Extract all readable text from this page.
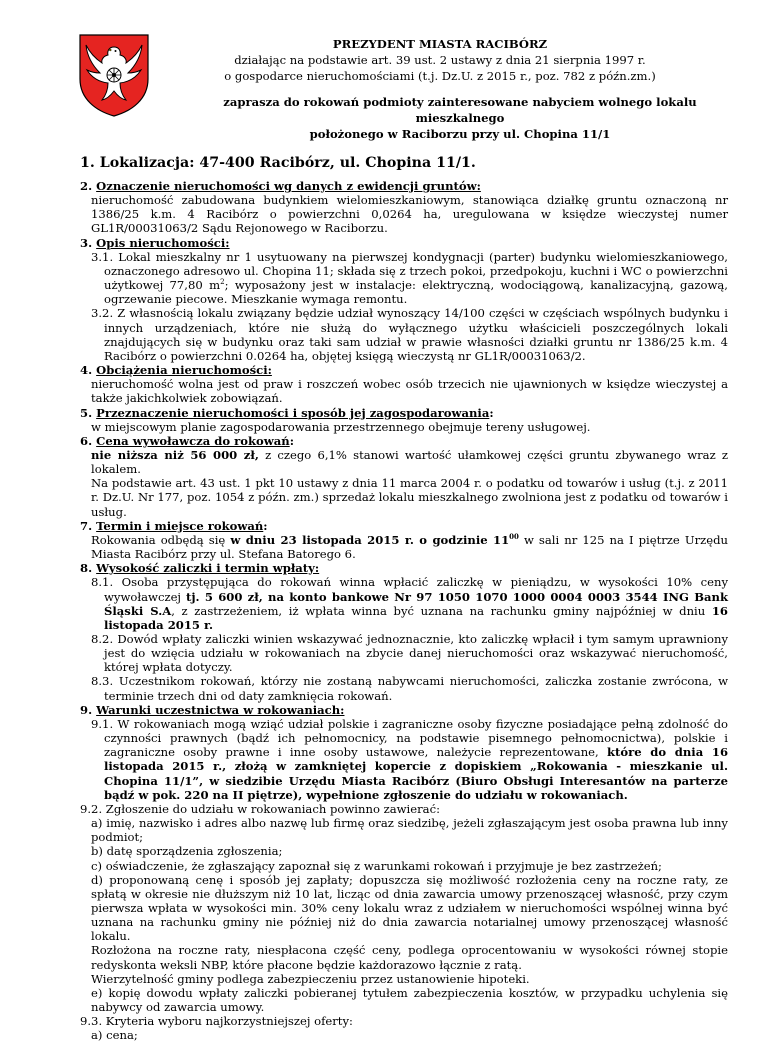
PREZYDENT MIASTA RACIBÓRZ
działając na podstawie art. 39 ust. 2 ustawy z dnia 21 sierpnia 1997 r.
o gospodarce nieruchomościami (t.j. Dz.U. z 2015 r., poz. 782 z późn.zm.)
zaprasza do rokowań podmioty zainteresowane nabyciem wolnego lokalu mieszkalnego
położonego w Raciborzu przy ul. Chopina 11/1
1. Lokalizacja: 47-400 Racibórz, ul. Chopina 11/1.

2. Oznaczenie nieruchomości wg danych z ewidencji gruntów:

nieruchomość zabudowana budynkiem wielomieszkaniowym, stanowiąca działkę gruntu oznaczoną nr 1386/25 k.m. 4 Racibórz o powierzchni 0,0264 ha, uregulowana w księdze wieczystej numer GL1R/00031063/2 Sądu Rejonowego w Raciborzu.

3. Opis nieruchomości:

3.1. Lokal mieszkalny nr 1 usytuowany na pierwszej kondygnacji (parter) budynku wielomieszkaniowego, oznaczonego adresowo ul. Chopina 11; składa się z trzech pokoi, przedpokoju, kuchni i WC o powierzchni użytkowej 77,80 $m^2$; wyposażony jest w instalacje: elektryczną, wodociągową, kanalizacyjną, gazową, ogrzewanie piecowe. Mieszkanie wymaga remontu.

3.2. Z własnością lokalu związany będzie udział wynoszący 14/100 części w częściach wspólnych budynku i innych urządzeniach, które nie służą do wyłącznego użytku właścicieli poszczególnych lokali znajdujących się w budynku oraz taki sam udział w prawie własności działki gruntu nr 1386/25 k.m. 4 Racibórz o powierzchni 0.0264 ha, objętej księgą wieczystą nr GL1R/00031063/2.

4. Obciążenia nieruchomości:

nieruchomość wolna jest od praw i roszczeń wobec osób trzecich nie ujawnionych w księdze wieczystej a także jakichkolwiek zobowiązań.

5. Przeznaczenie nieruchomości i sposób jej zagospodarowania:

w miejscowym planie zagospodarowania przestrzennego obejmuje tereny usługowej.

6. Cena wywoławcza do rokowań:

nie niższa niż 56 000 zł, z czego 6,1% stanowi wartość ułamkowej części gruntu zbywanego wraz z lokalem.

Na podstawie art. 43 ust. 1 pkt 10 ustawy z dnia 11 marca 2004 r. o podatku od towarów i usług (t.j. z 2011 r. Dz.U. Nr 177, poz. 1054 z późn. zm.) sprzedaż lokalu mieszkalnego zwolniona jest z podatku od towarów i usług.

7. Termin i miejsce rokowań:

Rokowania odbędą się w dniu 23 listopada 2015 r. o godzinie $11^{00}$ w sali nr 125 na I piętrze Urzędu Miasta Racibórz przy ul. Stefana Batorego 6.

8. Wysokość zaliczki i termin wpłaty:

8.1. Osoba przystępująca do rokowań winna wpłacić zaliczkę w pieniądzu, w wysokości 10% ceny wywoławczej tj. 5 600 zł, na konto bankowe Nr 97 1050 1070 1000 0004 0003 3544 ING Bank Śląski S.A, z zastrzeżeniem, iż wpłata winna być uznana na rachunku gminy najpóźniej w dniu 16 listopada 2015 r.

8.2. Dowód wpłaty zaliczki winien wskazywać jednoznacznie, kto zaliczkę wpłacił i tym samym uprawniony jest do wzięcia udziału w rokowaniach na zbycie danej nieruchomości oraz wskazywać nieruchomość, której wpłata dotyczy.

8.3. Uczestnikom rokowań, którzy nie zostaną nabywcami nieruchomości, zaliczka zostanie zwrócona, w terminie trzech dni od daty zamknięcia rokowań.

9. Warunki uczestnictwa w rokowaniach:

9.1. W rokowaniach mogą wziąć udział polskie i zagraniczne osoby fizyczne posiadające pełną zdolność do czynności prawnych (bądź ich pełnomocnicy, na podstawie pisemnego pełnomocnictwa), polskie i zagraniczne osoby prawne i inne osoby ustawowe, należycie reprezentowane, które do dnia 16 listopada 2015 r., złożą w zamkniętej kopercie z dopiskiem „Rokowania - mieszkanie ul. Chopina 11/1”, w siedzibie Urzędu Miasta Racibórz (Biuro Obsługi Interesantów na parterze bądź w pok. 220 na II piętrze), wypełnione zgłoszenie do udziału w rokowaniach.

9.2. Zgłoszenie do udziału w rokowaniach powinno zawierać:

a) imię, nazwisko i adres albo nazwę lub firmę oraz siedzibę, jeżeli zgłaszającym jest osoba prawna lub inny podmiot;

b) datę sporządzenia zgłoszenia;

c) oświadczenie, że zgłaszający zapoznał się z warunkami rokowań i przyjmuje je bez zastrzeżeń;

d) proponowaną cenę i sposób jej zapłaty; dopuszcza się możliwość rozłożenia ceny na roczne raty, ze spłatą w okresie nie dłuższym niż 10 lat, licząc od dnia zawarcia umowy przenoszącej własność, przy czym pierwsza wpłata w wysokości min. 30% ceny lokalu wraz z udziałem w nieruchomości wspólnej winna być uznana na rachunku gminy nie później niż do dnia zawarcia notarialnej umowy przenoszącej własność lokalu.

Rozłożona na roczne raty, niespłacona część ceny, podlega oprocentowaniu w wysokości równej stopie redyskonta weksli NBP, które płacone będzie każdorazowo łącznie z ratą.

Wierzytelność gminy podlega zabezpieczeniu przez ustanowienie hipoteki.

e) kopię dowodu wpłaty zaliczki pobieranej tytułem zabezpieczenia kosztów, w przypadku uchylenia się nabywcy od zawarcia umowy.

9.3. Kryteria wyboru najkorzystniejszej oferty:

a) cena;
